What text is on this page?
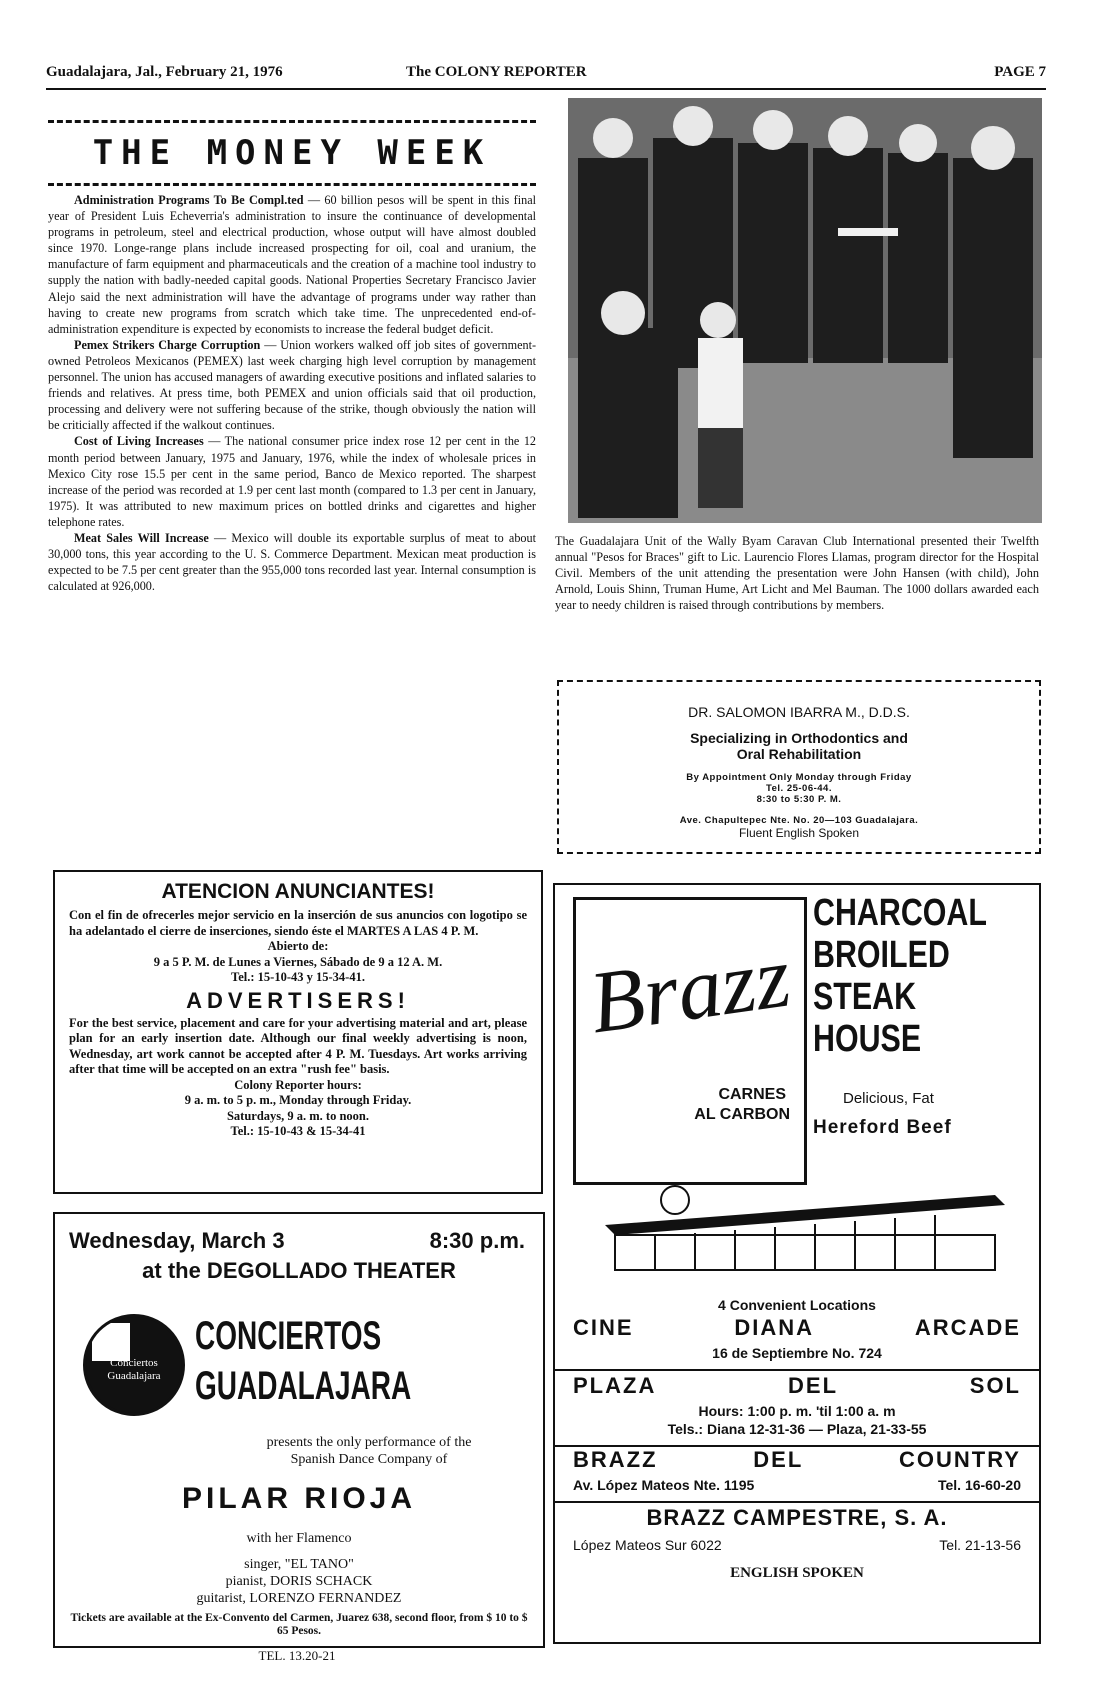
Guadalajara, Jal., February 21, 1976	The COLONY REPORTER	PAGE 7
THE MONEY WEEK

Administration Programs To Be Compl.ted — 60 billion pesos will be spent in this final year of President Luis Echeverria's administration to insure the continuance of developmental programs in petroleum, steel and electrical production, whose output will have almost doubled since 1970. Longe-range plans include increased prospecting for oil, coal and uranium, the manufacture of farm equipment and pharmaceuticals and the creation of a machine tool industry to supply the nation with badly-needed capital goods. National Properties Secretary Francisco Javier Alejo said the next administration will have the advantage of programs under way rather than having to create new programs from scratch which take time. The unprecedented end-of-administration expenditure is expected by economists to increase the federal budget deficit.

Pemex Strikers Charge Corruption — Union workers walked off job sites of government-owned Petroleos Mexicanos (PEMEX) last week charging high level corruption by management personnel. The union has accused managers of awarding executive positions and inflated salaries to friends and relatives. At press time, both PEMEX and union officials said that oil production, processing and delivery were not suffering because of the strike, though obviously the nation will be criticially affected if the walkout continues.

Cost of Living Increases — The national consumer price index rose 12 per cent in the 12 month period between January, 1975 and January, 1976, while the index of wholesale prices in Mexico City rose 15.5 per cent in the same period, Banco de Mexico reported. The sharpest increase of the period was recorded at 1.9 per cent last month (compared to 1.3 per cent in January, 1975). It was attributed to new maximum prices on bottled drinks and cigarettes and higher telephone rates.

Meat Sales Will Increase — Mexico will double its exportable surplus of meat to about 30,000 tons, this year according to the U. S. Commerce Department. Mexican meat production is expected to be 7.5 per cent greater than the 955,000 tons recorded last year. Internal consumption is calculated at 926,000.

The Guadalajara Unit of the Wally Byam Caravan Club International presented their Twelfth annual "Pesos for Braces" gift to Lic. Laurencio Flores Llamas, program director for the Hospital Civil. Members of the unit attending the presentation were John Hansen (with child), John Arnold, Louis Shinn, Truman Hume, Art Licht and Mel Bauman. The 1000 dollars awarded each year to needy children is raised through contributions by members.
DR. SALOMON IBARRA M., D.D.S.
Specializing in Orthodontics and
Oral Rehabilitation
By Appointment Only Monday through Friday
Tel. 25-06-44.
8:30 to 5:30 P. M.
Ave. Chapultepec Nte. No. 20—103 Guadalajara.
Fluent English Spoken
ATENCION ANUNCIANTES!
Con el fin de ofrecerles mejor servicio en la inserción de sus anuncios con logotipo se ha adelantado el cierre de inserciones, siendo éste el MARTES A LAS 4 P. M.
Abierto de:
9 a 5 P. M. de Lunes a Viernes, Sábado de 9 a 12 A. M.
Tel.: 15-10-43 y 15-34-41.
ADVERTISERS!
For the best service, placement and care for your advertising material and art, please plan for an early insertion date. Although our final weekly advertising is noon, Wednesday, art work cannot be accepted after 4 P. M. Tuesdays. Art works arriving after that time will be accepted on an extra "rush fee" basis.
Colony Reporter hours:
9 a. m. to 5 p. m., Monday through Friday.
Saturdays, 9 a. m. to noon.
Tel.: 15-10-43 & 15-34-41
Wednesday, March 3	8:30 p.m.
at the DEGOLLADO THEATER
Conciertos
Guadalajara
CONCIERTOS
GUADALAJARA
presents the only performance of the
Spanish Dance Company of
PILAR RIOJA
with her Flamenco
singer, "EL TANO"
pianist, DORIS SCHACK
guitarist, LORENZO FERNANDEZ
Tickets are available at the Ex-Convento del Carmen, Juarez 638, second floor, from $ 10 to $ 65 Pesos.
TEL. 13.20-21
Brazz
CARNES
AL CARBON
CHARCOAL
BROILED
STEAK
HOUSE
Delicious, Fat
Hereford Beef
4 Convenient Locations
CINE	DIANA	ARCADE
16 de Septiembre No. 724
PLAZA	DEL	SOL
Hours: 1:00 p. m. 'til 1:00 a. m
Tels.: Diana 12-31-36 — Plaza, 21-33-55
BRAZZ	DEL	COUNTRY
Av. López Mateos Nte. 1195	Tel. 16-60-20
BRAZZ CAMPESTRE, S. A.
López Mateos Sur 6022	Tel. 21-13-56
ENGLISH SPOKEN
